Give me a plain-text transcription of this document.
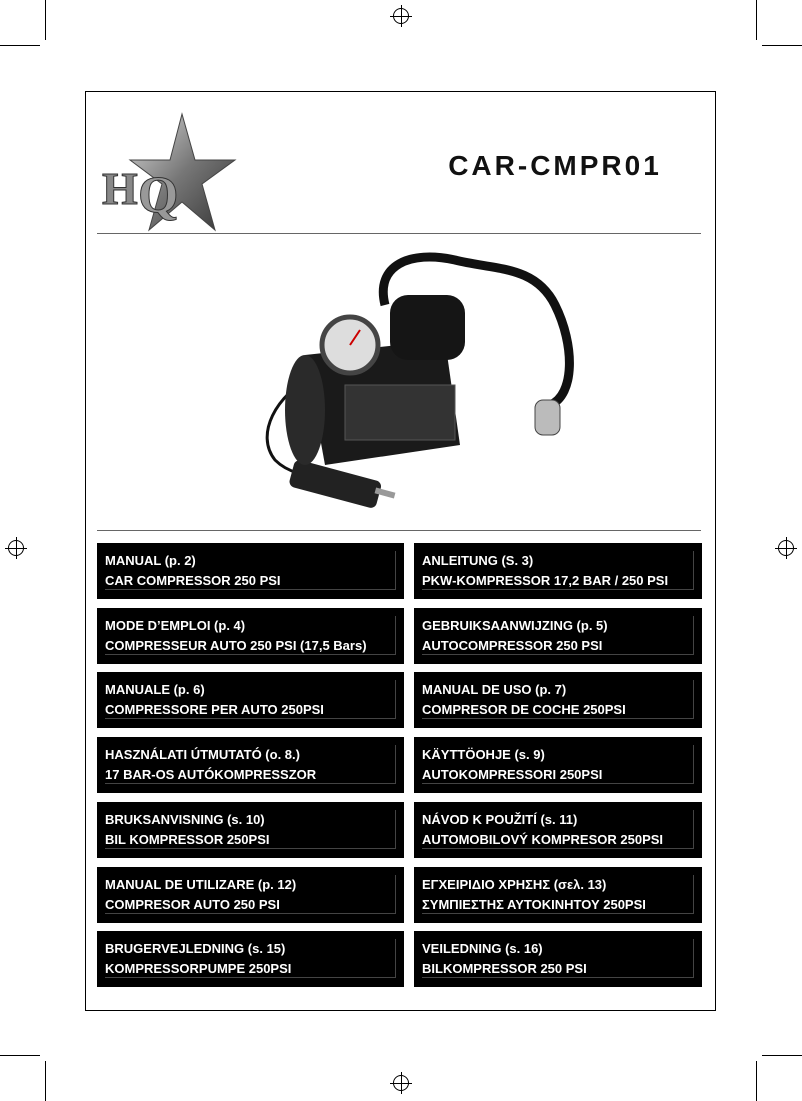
H Q
CAR-CMPR01
MANUAL (p. 2)
CAR COMPRESSOR 250 PSI
ANLEITUNG (S. 3)
PKW-KOMPRESSOR 17,2 BAR / 250 PSI
MODE D’EMPLOI (p. 4)
COMPRESSEUR AUTO 250 PSI (17,5 Bars)
GEBRUIKSAANWIJZING (p. 5)
AUTOCOMPRESSOR 250 PSI
MANUALE (p. 6)
COMPRESSORE PER AUTO 250PSI
MANUAL DE USO (p. 7)
COMPRESOR DE COCHE 250PSI
HASZNÁLATI ÚTMUTATÓ (o. 8.)
17 BAR-OS AUTÓKOMPRESSZOR
KÄYTTÖOHJE (s. 9)
AUTOKOMPRESSORI 250PSI
BRUKSANVISNING (s. 10)
BIL KOMPRESSOR 250PSI
NÁVOD K POUŽITÍ (s. 11)
AUTOMOBILOVÝ KOMPRESOR 250PSI
MANUAL DE UTILIZARE (p. 12)
COMPRESOR AUTO 250 PSI
ΕΓΧΕΙΡΙΔΙΟ ΧΡΗΣΗΣ (σελ. 13)
ΣΥΜΠΙΕΣΤΗΣ ΑΥΤΟΚΙΝΗΤΟΥ 250PSI
BRUGERVEJLEDNING (s. 15)
KOMPRESSORPUMPE 250PSI
VEILEDNING (s. 16)
BILKOMPRESSOR 250 PSI
